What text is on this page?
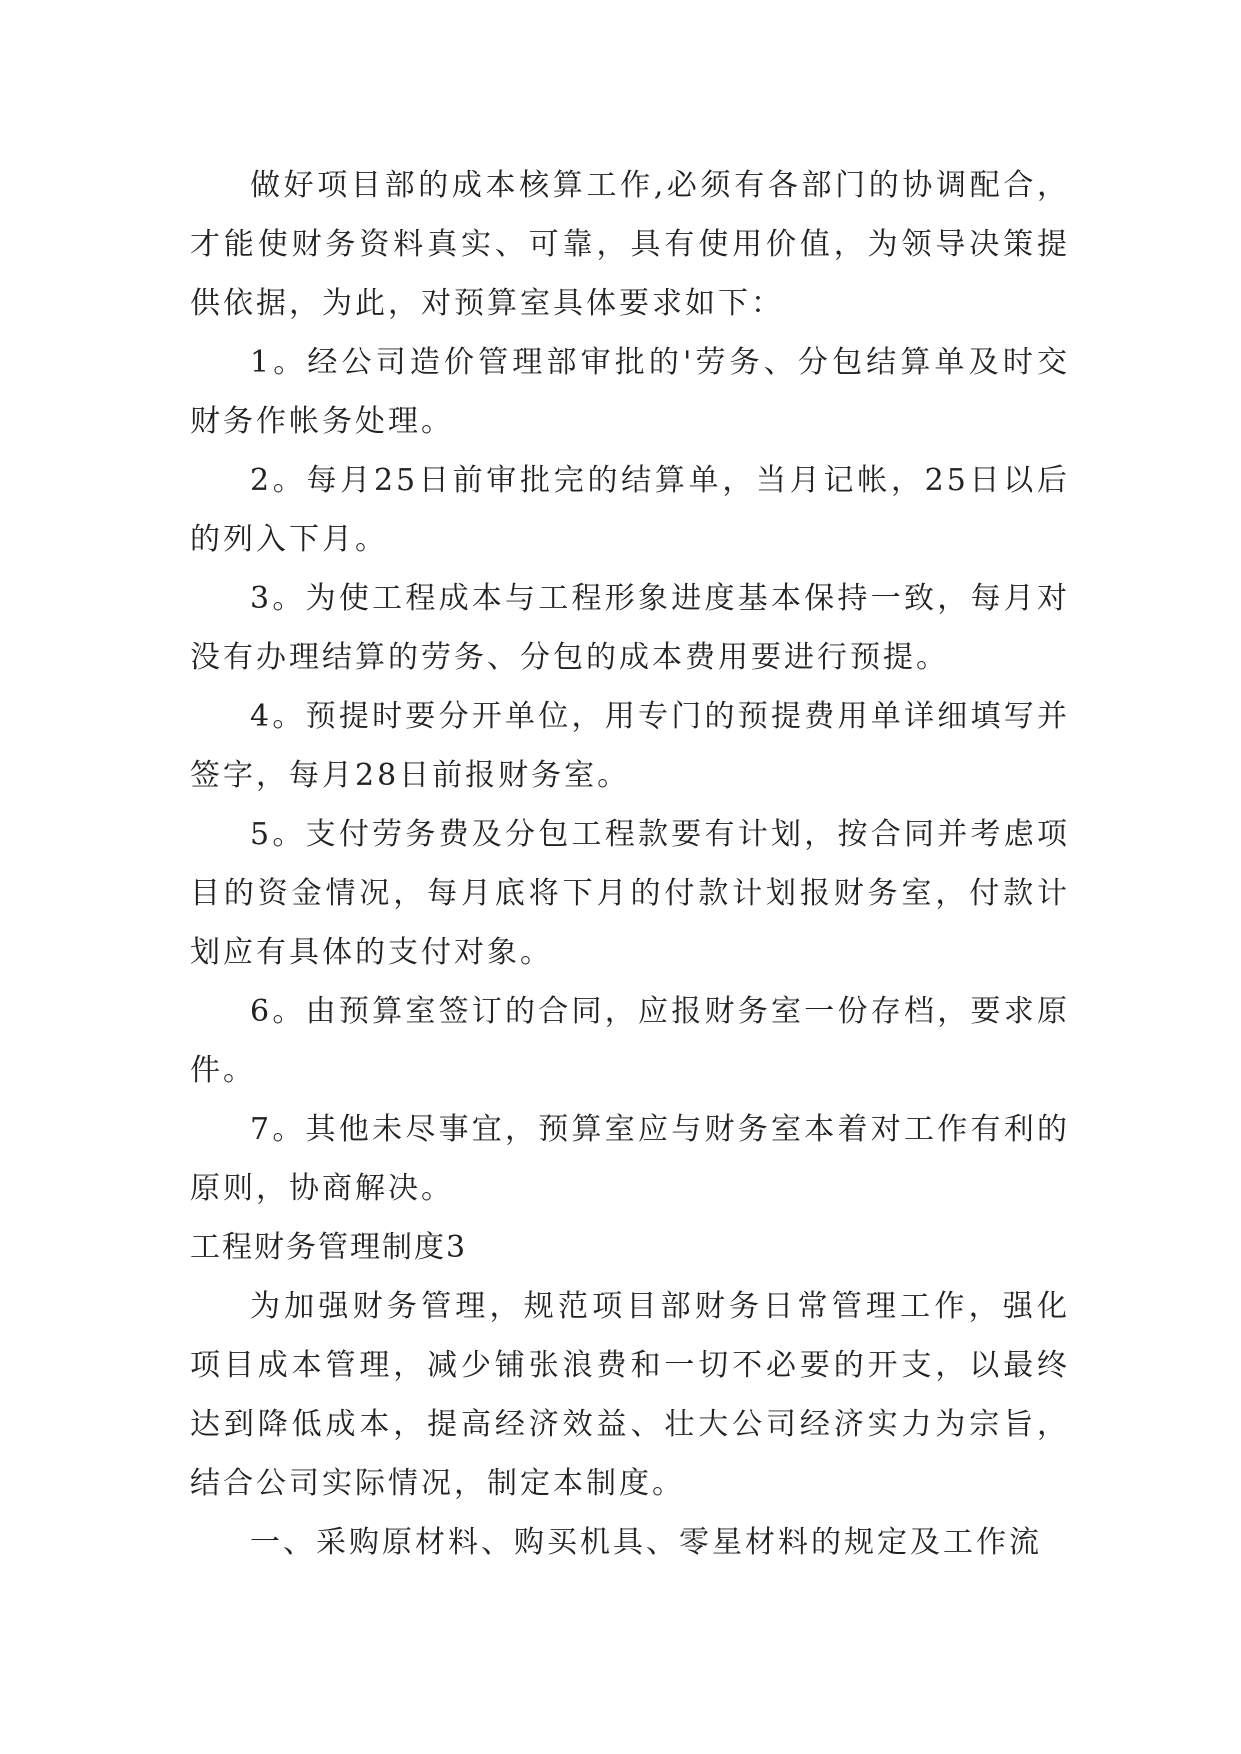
做好项目部的成本核算工作,必须有各部门的协调配合，才能使财务资料真实、可靠，具有使用价值，为领导决策提供依据，为此，对预算室具体要求如下：

1。经公司造价管理部审批的'劳务、分包结算单及时交财务作帐务处理。

2。每月25日前审批完的结算单，当月记帐，25日以后的列入下月。

3。为使工程成本与工程形象进度基本保持一致，每月对没有办理结算的劳务、分包的成本费用要进行预提。

4。预提时要分开单位，用专门的预提费用单详细填写并签字，每月28日前报财务室。

5。支付劳务费及分包工程款要有计划，按合同并考虑项目的资金情况，每月底将下月的付款计划报财务室，付款计划应有具体的支付对象。

6。由预算室签订的合同，应报财务室一份存档，要求原件。

7。其他未尽事宜，预算室应与财务室本着对工作有利的原则，协商解决。

工程财务管理制度3

为加强财务管理，规范项目部财务日常管理工作，强化项目成本管理，减少铺张浪费和一切不必要的开支，以最终达到降低成本，提高经济效益、壮大公司经济实力为宗旨，结合公司实际情况，制定本制度。

一、采购原材料、购买机具、零星材料的规定及工作流
